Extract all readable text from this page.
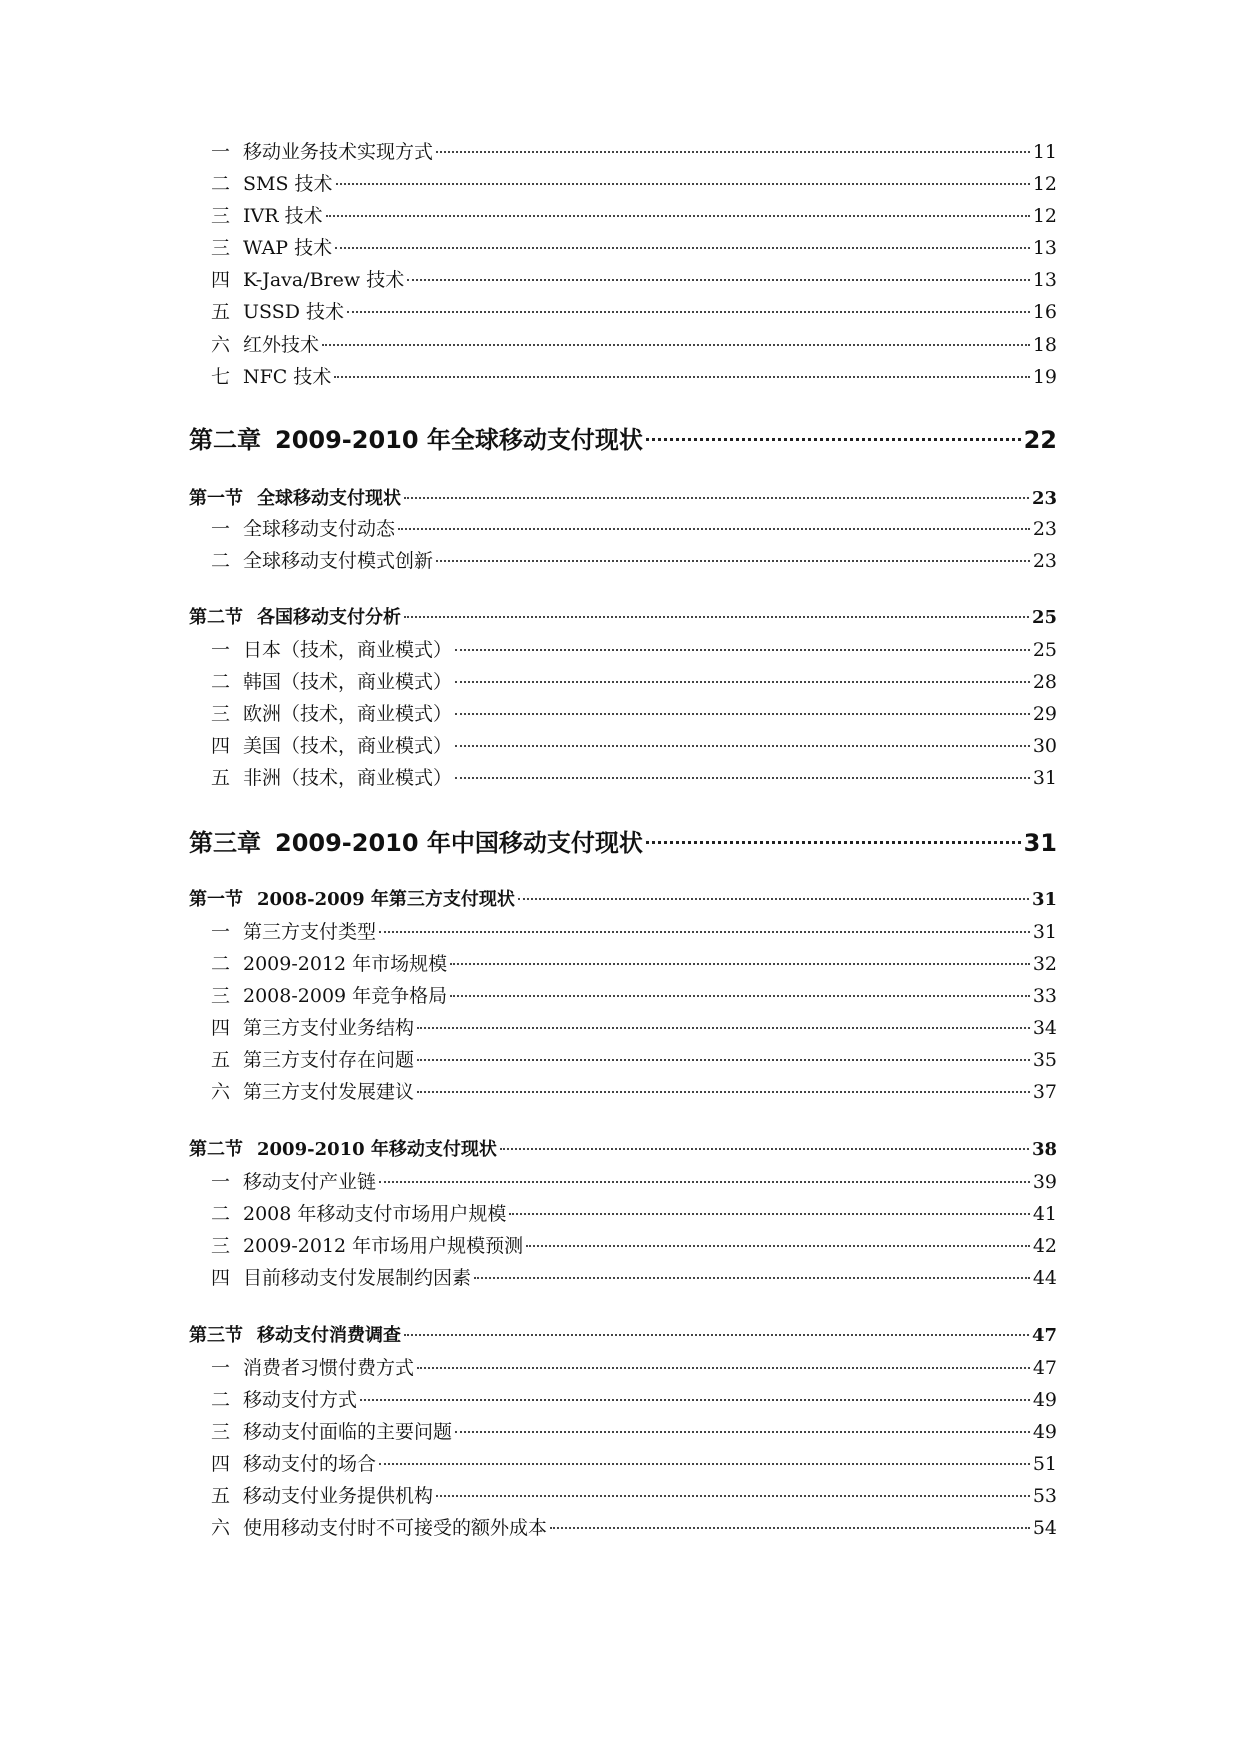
一 移动业务技术实现方式	11
二 SMS 技术	12
三 IVR 技术	12
三 WAP 技术	13
四 K-Java/Brew 技术	13
五 USSD 技术	16
六 红外技术	18
七 NFC 技术	19
第二章 2009-2010 年全球移动支付现状	22
第一节 全球移动支付现状	23
一 全球移动支付动态	23
二 全球移动支付模式创新	23
第二节 各国移动支付分析	25
一 日本（技术，商业模式）	25
二 韩国（技术，商业模式）	28
三 欧洲（技术，商业模式）	29
四 美国（技术，商业模式）	30
五 非洲（技术，商业模式）	31
第三章 2009-2010 年中国移动支付现状	31
第一节 2008-2009 年第三方支付现状	31
一 第三方支付类型	31
二 2009-2012 年市场规模	32
三 2008-2009 年竞争格局	33
四 第三方支付业务结构	34
五 第三方支付存在问题	35
六 第三方支付发展建议	37
第二节 2009-2010 年移动支付现状	38
一 移动支付产业链	39
二 2008 年移动支付市场用户规模	41
三 2009-2012 年市场用户规模预测	42
四 目前移动支付发展制约因素	44
第三节 移动支付消费调查	47
一 消费者习惯付费方式	47
二 移动支付方式	49
三 移动支付面临的主要问题	49
四 移动支付的场合	51
五 移动支付业务提供机构	53
六 使用移动支付时不可接受的额外成本	54
